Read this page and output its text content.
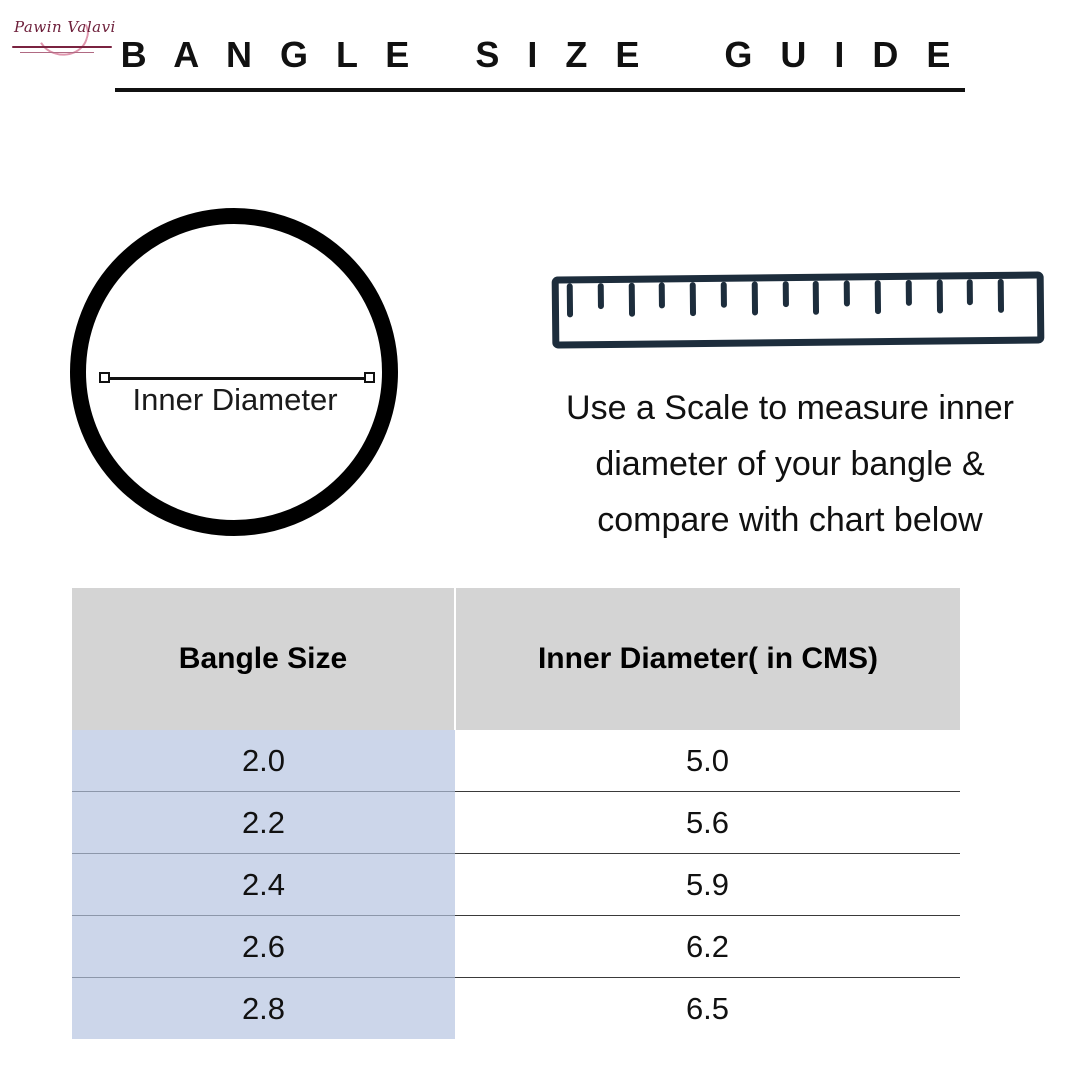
Pawin Valavi
B A N G L E   S I Z E    G U I D E
Inner Diameter	Use a Scale to measure inner
diameter of your bangle &
compare with chart below
Bangle Size	Inner Diameter( in CMS)
2.0	5.0
2.2	5.6
2.4	5.9
2.6	6.2
2.8	6.5
